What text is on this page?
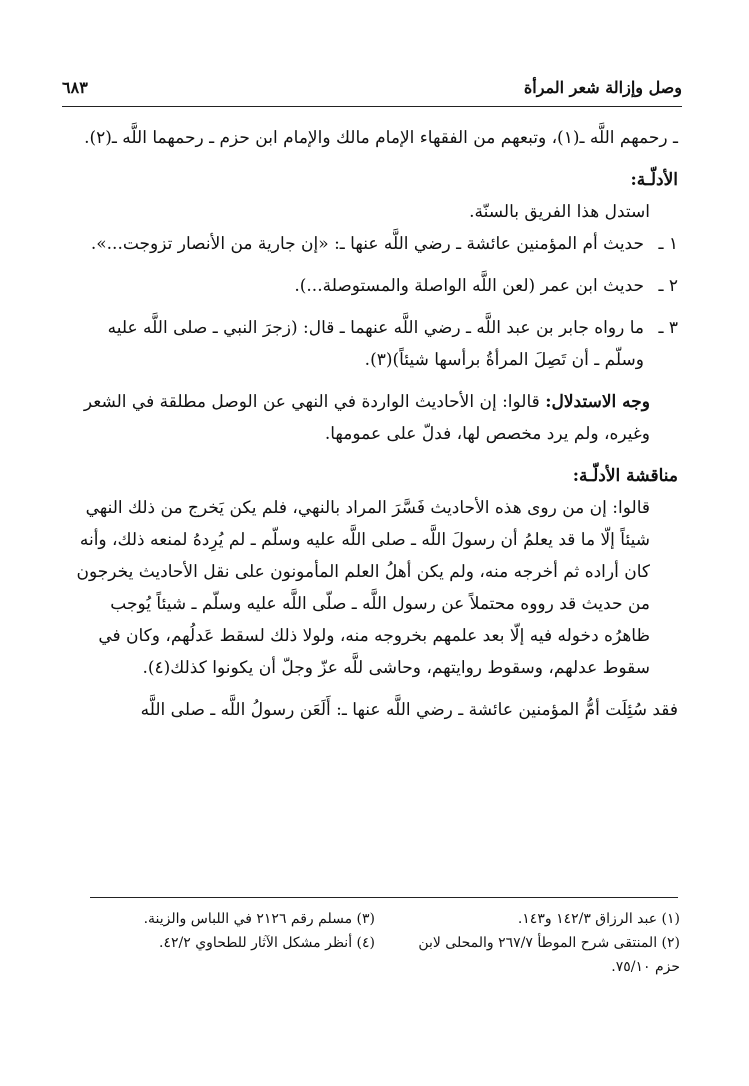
وصل وإزالة شعر المرأة
٦٨٣

ـ رحمهم اللَّه ـ(١)، وتبعهم من الفقهاء الإمام مالك والإمام ابن حزم ـ رحمهما اللَّه ـ(٢).

الأدلّـة:

استدل هذا الفريق بالسنّة.

١ ـ
حديث أم المؤمنين عائشة ـ رضي اللَّه عنها ـ: «إن جارية من الأنصار تزوجت...».
٢ ـ
حديث ابن عمر (لعن اللَّه الواصلة والمستوصلة...).
٣ ـ
ما رواه جابر بن عبد اللَّه ـ رضي اللَّه عنهما ـ قال: (زجرَ النبي ـ صلى اللَّه عليه وسلّم ـ أن تَصِلَ المرأةُ برأسها شيئاً)(٣).

وجه الاستدلال: قالوا: إن الأحاديث الواردة في النهي عن الوصل مطلقة في الشعر وغيره، ولم يرد مخصص لها، فدلّ على عمومها.

مناقشة الأدلّـة:

قالوا: إن من روى هذه الأحاديث فَسَّرَ المراد بالنهي، فلم يكن يَخرج من ذلك النهي شيئاً إلّا ما قد يعلمُ أن رسولَ اللَّه ـ صلى اللَّه عليه وسلّم ـ لم يُرِدهُ لمنعه ذلك، وأنه كان أراده ثم أخرجه منه، ولم يكن أهلُ العلم المأمونون على نقل الأحاديث يخرجون من حديث قد رووه محتملاً عن رسول اللَّه ـ صلّى اللَّه عليه وسلّم ـ شيئاً يُوجب ظاهرُه دخوله فيه إلّا بعد علمهم بخروجه منه، ولولا ذلك لسقط عَدلُهم، وكان في سقوط عدلهم، وسقوط روايتهم، وحاشى للَّه عزّ وجلّ أن يكونوا كذلك(٤).

فقد سُئِلَت أمُّ المؤمنين عائشة ـ رضي اللَّه عنها ـ: أَلَعَن رسولُ اللَّه ـ صلى اللَّه

(١) عبد الرزاق ١٤٢/٣ و١٤٣.
(٢) المنتقى شرح الموطأ ٢٦٧/٧ والمحلى لابن حزم ٧٥/١٠.
(٣) مسلم رقم ٢١٢٦ في اللباس والزينة.
(٤) أنظر مشكل الآثار للطحاوي ٤٢/٢.
